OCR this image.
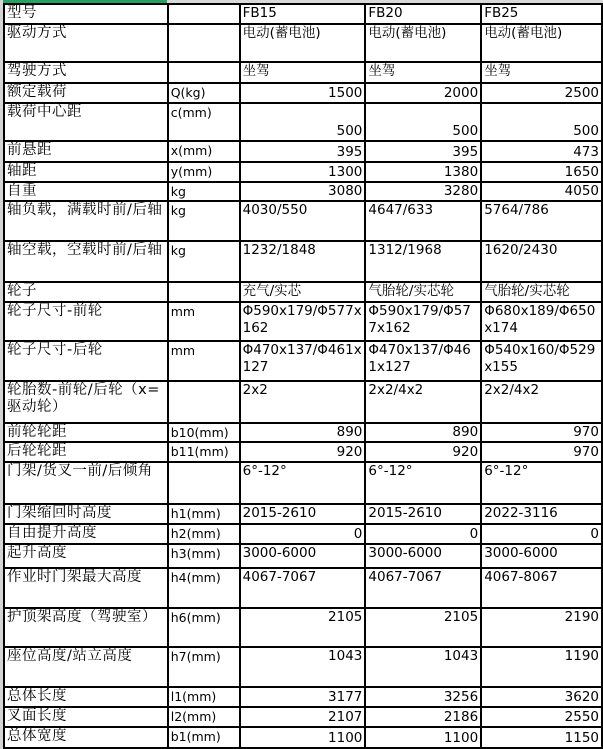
型号		FB15	FB20	FB25
驱动方式		电动(蓄电池)	电动(蓄电池)	电动(蓄电池)
驾驶方式		坐驾	坐驾	坐驾
额定载荷	Q(kg)	1500	2000	2500
载荷中心距	c(mm)	500	500	500
前悬距	x(mm)	395	395	473
轴距	y(mm)	1300	1380	1650
自重	kg	3080	3280	4050
轴负载，满载时前/后轴	kg	4030/550	4647/633	5764/786
轴空载，空载时前/后轴	kg	1232/1848	1312/1968	1620/2430
轮子		充气/实芯	气胎轮/实芯轮	气胎轮/实芯轮
轮子尺寸-前轮	mm	Φ590x179/Φ577x162	Φ590x179/Φ577x162	Φ680x189/Φ650x174
轮子尺寸-后轮	mm	Φ470x137/Φ461x127	Φ470x137/Φ461x127	Φ540x160/Φ529x155
轮胎数-前轮/后轮（x=驱动轮）		2x2	2x2/4x2	2x2/4x2
前轮轮距	b10(mm)	890	890	970
后轮轮距	b11(mm)	920	920	970
门架/货叉一前/后倾角		6°-12°	6°-12°	6°-12°
门架缩回时高度	h1(mm)	2015-2610	2015-2610	2022-3116
自由提升高度	h2(mm)	0	0	0
起升高度	h3(mm)	3000-6000	3000-6000	3000-6000
作业时门架最大高度	h4(mm)	4067-7067	4067-7067	4067-8067
护顶架高度（驾驶室）	h6(mm)	2105	2105	2190
座位高度/站立高度	h7(mm)	1043	1043	1190
总体长度	l1(mm)	3177	3256	3620
叉面长度	l2(mm)	2107	2186	2550
总体宽度	b1(mm)	1100	1100	1150
